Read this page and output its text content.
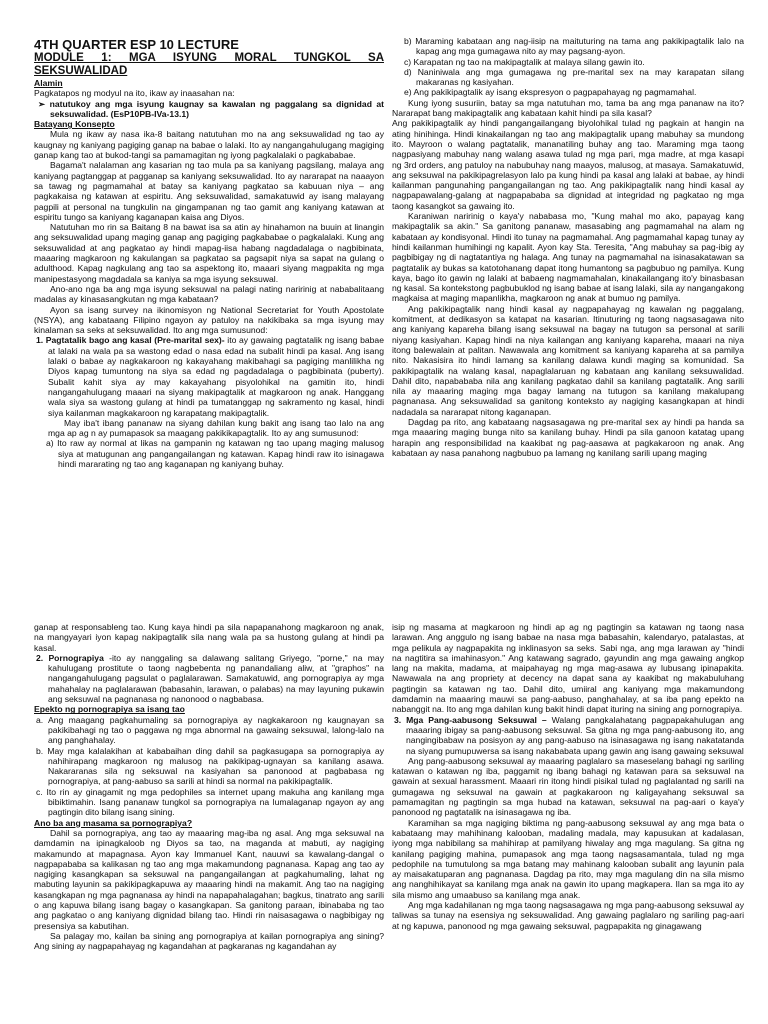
4TH QUARTER ESP 10 LECTURE
MODULE 1: MGA ISYUNG MORAL TUNGKOL SA SEKSUWALIDAD
Alamin

Pagkatapos ng modyul na ito, ikaw ay inaasahan na:

➢ natutukoy ang mga isyung kaugnay sa kawalan ng paggalang sa dignidad at seksuwalidad. (EsP10PB-IVa-13.1)

Batayang Konsepto

Mula ng ikaw ay nasa ika-8 baitang natutuhan mo na ang seksuwalidad ng tao ay kaugnay ng kaniyang pagiging ganap na babae o lalaki. Ito ay nangangahulugang magiging ganap kang tao at bukod-tangi sa pamamagitan ng iyong pagkalalaki o pagkababae.

Bagama't nalalaman ang kasarian ng tao mula pa sa kaniyang pagsilang, malaya ang kaniyang pagtanggap at pagganap sa kaniyang seksuwalidad. Ito ay nararapat na naaayon sa tawag ng pagmamahal at batay sa kaniyang pagkatao sa kabuuan niya – ang pagkakaisa ng katawan at espiritu. Ang seksuwalidad, samakatuwid ay isang malayang pagpili at personal na tungkulin na gingampanan ng tao gamit ang kaniyang katawan at espiritu tungo sa kaniyang kaganapan kaisa ang Diyos.

Natutuhan mo rin sa Baitang 8 na bawat isa sa atin ay hinahamon na buuin at linangin ang seksuwalidad upang maging ganap ang pagiging pagkababae o pagkalalaki. Kung ang seksuwalidad at ang pagkatao ay hindi mapag-iisa habang nagdadalaga o nagbibinata, maaaring magkaroon ng kakulangan sa pagkatao sa pagsapit niya sa sapat na gulang o adulthood. Kapag nagkulang ang tao sa aspektong ito, maaari siyang magpakita ng mga manipestasyong magdadala sa kaniya sa mga isyung seksuwal.

Ano-ano nga ba ang mga isyung seksuwal na palagi nating naririnig at nababalitaang madalas ay kinasasangkutan ng mga kabataan?

Ayon sa isang survey na ikinomisyon ng National Secretariat for Youth Apostolate (NSYA), ang kabataang Filipino ngayon ay patuloy na nakikibaka sa mga isyung may kinalaman sa seks at seksuwalidad. Ito ang mga sumusunod:

1. Pagtatalik bago ang kasal (Pre-marital sex)- ito ay gawaing pagtatalik ng isang babae at lalaki na wala pa sa wastong edad o nasa edad na subalit hindi pa kasal. Ang isang lalaki o babae ay nagkakaroon ng kakayahang makibahagi sa pagiging manlilikha ng Diyos kapag tumuntong na siya sa edad ng pagdadalaga o pagbibinata (puberty). Subalit kahit siya ay may kakayahang pisyolohikal na gamitin ito, hindi nangangahulugang maaari na siyang makipagtalik at magkaroon ng anak. Hanggang wala siya sa wastong gulang at hindi pa tumatanggap ng sakramento ng kasal, hindi siya kailanman magkakaroon ng karapatang makipagtalik.

May iba't ibang pananaw na siyang dahilan kung bakit ang isang tao lalo na ang mga ap ag n ay pumapasok sa maagang pakikikapagtalik. Ito ay ang sumusunod:

a) Ito raw ay normal at likas na gampanin ng katawan ng tao upang maging malusog siya at matugunan ang pangangailangan ng katawan. Kapag hindi raw ito isinagawa hindi mararating ng tao ang kaganapan ng kaniyang buhay.

b) Maraming kabataan ang nag-iisip na maituturing na tama ang pakikipagtalik lalo na kapag ang mga gumagawa nito ay may pagsang-ayon.

c) Karapatan ng tao na makipagtalik at malaya silang gawin ito.

d) Naniniwala ang mga gumagawa ng pre-marital sex na may karapatan silang makaranas ng kasiyahan.

e) Ang pakikipagtalik ay isang ekspresyon o pagpapahayag ng pagmamahal.

Kung iyong susuriin, batay sa mga natutuhan mo, tama ba ang mga pananaw na ito? Nararapat bang makipagtalik ang kabataan kahit hindi pa sila kasal?

Ang pakikipagtalik ay hindi pangangailangang biyolohikal tulad ng pagkain at hangin na ating hinihinga. Hindi kinakailangan ng tao ang makipagtalik upang mabuhay sa mundong ito. Mayroon o walang pagtatalik, mananatiling buhay ang tao. Maraming mga taong nagpasiyang mabuhay nang walang asawa tulad ng mga pari, mga madre, at mga kasapi ng 3rd orders, ang patuloy na nabubuhay nang maayos, malusog, at masaya. Samakatuwid, ang seksuwal na pakikipagrelasyon lalo pa kung hindi pa kasal ang lalaki at babae, ay hindi kailanman pangunahing pangangailangan ng tao. Ang pakikipagtalik nang hindi kasal ay nagpapawalang-galang at nagpapababa sa dignidad at integridad ng pagkatao ng mga taong kasangkot sa gawaing ito.

Karaniwan naririnig o kaya'y nababasa mo, "Kung mahal mo ako, papayag kang makipagtalik sa akin." Sa ganitong pananaw, masasabing ang pagmamahal na alam ng kabataan ay kondisyonal. Hindi ito tunay na pagmamahal. Ang pagmamahal kapag tunay ay hindi kailanman humihingi ng kapalit. Ayon kay Sta. Teresita, "Ang mabuhay sa pag-ibig ay pagbibigay ng di nagtatantiya ng halaga. Ang tunay na pagmamahal na isinasakatawan sa pagtatalik ay bukas sa katotohanang dapat itong humantong sa pagbubuo ng pamilya. Kung kaya, bago ito gawin ng lalaki at babaeng nagmamahalan, kinakailangang ito'y binasbasan ng kasal. Sa kontekstong pagbubuklod ng isang babae at isang lalaki, sila ay nangangakong magkaisa at maging mapanlikha, magkaroon ng anak at bumuo ng pamilya.

Ang pakikipagtalik nang hindi kasal ay nagpapahayag ng kawalan ng paggalang, komitment, at dedikasyon sa katapat na kasarian. Itinuturing ng taong nagsasagawa nito ang kaniyang kapareha bilang isang seksuwal na bagay na tutugon sa personal at sarili niyang kasiyahan. Kapag hindi na niya kailangan ang kaniyang kapareha, maaari na niya itong balewalain at palitan. Nawawala ang komitment sa kaniyang kapareha at sa pamilya nito. Nakasisira ito hindi lamang sa kanilang dalawa kundi maging sa komunidad. Sa pakikipagtalik na walang kasal, napaglalaruan ng kabataan ang kanilang seksuwalidad. Dahil dito, napabababa nila ang kanilang pagkatao dahil sa kanilang pagtatalik. Ang sarili nila ay maaaring maging mga bagay lamang na tutugon sa kanilang makalupang pagnanasa. Ang seksuwalidad sa ganitong konteksto ay nagiging kasangkapan at hindi nadadala sa nararapat nitong kaganapan.

Dagdag pa rito, ang kabataang nagsasagawa ng pre-marital sex ay hindi pa handa sa mga maaaring maging bunga nito sa kanilang buhay. Hindi pa sila ganoon katatag upang harapin ang responsibilidad na kaakibat ng pag-aasawa at pagkakaroon ng anak. Ang kabataan ay nasa panahong nagbubuo pa lamang ng kanilang sarili upang maging

ganap at responsableng tao. Kung kaya hindi pa sila napapanahong magkaroon ng anak, na mangyayari iyon kapag nakipagtalik sila nang wala pa sa hustong gulang at hindi pa kasal.

2. Pornograpiya -ito ay nanggaling sa dalawang salitang Griyego, "porne," na may kahulugang prostitute o taong nagbebenta ng panandaliang aliw, at "graphos" na nangangahulugang pagsulat o paglalarawan. Samakatuwid, ang pornograpiya ay mga mahahalay na paglalarawan (babasahin, larawan, o palabas) na may layuning pukawin ang seksuwal na pagnanasa ng nanonood o nagbabasa.

Epekto ng pornograpiya sa isang tao

a. Ang maagang pagkahumaling sa pornograpiya ay nagkakaroon ng kaugnayan sa pakikibahagi ng tao o paggawa ng mga abnormal na gawaing seksuwal, lalong-lalo na ang panghahalay.

b. May mga kalalakihan at kababaihan ding dahil sa pagkasugapa sa pornograpiya ay nahihirapang magkaroon ng malusog na pakikipag-ugnayan sa kanilang asawa. Nakararanas sila ng seksuwal na kasiyahan sa panonood at pagbabasa ng pornograpiya, at pang-aabuso sa sarili at hindi sa normal na pakikipagtalik.

c. Ito rin ay ginagamit ng mga pedophiles sa internet upang makuha ang kanilang mga bibiktimahin. Isang pananaw tungkol sa pornograpiya na lumalaganap ngayon ay ang pagtingin dito bilang isang sining.

Ano ba ang masama sa pornograpiya?

Dahil sa pornograpiya, ang tao ay maaaring mag-iba ng asal. Ang mga seksuwal na damdamin na ipinagkaloob ng Diyos sa tao, na maganda at mabuti, ay nagiging makamundo at mapagnasa. Ayon kay Immanuel Kant, nauuwi sa kawalang-dangal o nagpapababa sa kalikasan ng tao ang mga makamundong pagnanasa. Kapag ang tao ay nagiging kasangkapan sa seksuwal na pangangailangan at pagkahumaling, lahat ng mabuting layunin sa pakikipagkapuwa ay maaaring hindi na makamit. Ang tao na nagiging kasangkapan ng mga pagnanasa ay hindi na napapahalagahan; bagkus, tinatrato ang sarili o ang kapuwa bilang isang bagay o kasangkapan. Sa ganitong paraan, ibinababa ng tao ang pagkatao o ang kaniyang dignidad bilang tao. Hindi rin naisasagawa o nagbibigay ng presensiya sa kabutihan.

Sa palagay mo, kailan ba sining ang pornograpiya at kailan pornograpiya ang sining? Ang sining ay nagpapahayag ng kagandahan at pagkaranas ng kagandahan ay

isip ng masama at magkaroon ng hindi ap ag ng pagtingin sa katawan ng taong nasa larawan. Ang anggulo ng isang babae na nasa mga babasahin, kalendaryo, patalastas, at mga pelikula ay nagpapakita ng inklinasyon sa seks. Sabi nga, ang mga larawan ay "hindi na nagtitira sa imahinasyon." Ang katawang sagrado, gayundin ang mga gawaing angkop lang na makita, madama, at maipahayag ng mga mag-asawa ay lubusang ipinapakita. Nawawala na ang propriety at decency na dapat sana ay kaakibat ng makabuluhang pagtingin sa katawan ng tao. Dahil dito, umiiral ang kaniyang mga makamundong damdamin na maaaring mauwi sa pang-aabuso, panghahalay, at sa iba pang epekto na nabanggit na. Ito ang mga dahilan kung bakit hindi dapat ituring na sining ang pornograpiya.

3. Mga Pang-aabusong Seksuwal – Walang pangkalahatang pagpapakahulugan ang maaaring ibigay sa pang-aabusong seksuwal. Sa gitna ng mga pang-aabusong ito, ang nangingibabaw na posisyon ay ang pang-aabuso na isinasagawa ng isang nakatatanda na siyang pumupuwersa sa isang nakababata upang gawin ang isang gawaing seksuwal

Ang pang-aabusong seksuwal ay maaaring paglalaro sa maseselang bahagi ng sariling katawan o katawan ng iba, paggamit ng ibang bahagi ng katawan para sa seksuwal na gawain at sexual harassment. Maaari rin itong hindi pisikal tulad ng paglalantad ng sarili na gumagawa ng seksuwal na gawain at pagkakaroon ng kaligayahang seksuwal sa pamamagitan ng pagtingin sa mga hubad na katawan, seksuwal na pag-aari o kaya'y panonood ng pagtatalik na isinasagawa ng iba.

Karamihan sa mga nagiging biktima ng pang-aabusong seksuwal ay ang mga bata o kabataang may mahihinang kalooban, madaling madala, may kapusukan at kadalasan, iyong mga nabibilang sa mahihirap at pamilyang hiwalay ang mga magulang. Sa gitna ng kanilang pagiging mahina, pumapasok ang mga taong nagsasamantala, tulad ng mga pedophile na tumutulong sa mga batang may mahinang kalooban subalit ang layunin pala ay maisakatuparan ang pagnanasa. Dagdag pa rito, may mga magulang din na sila mismo ang nanghihikayat sa kanilang mga anak na gawin ito upang magkapera. Ilan sa mga ito ay sila mismo ang umaabuso sa kanilang mga anak.

Ang mga kadahilanan ng mga taong nagsasagawa ng mga pang-aabusong seksuwal ay taliwas sa tunay na esensiya ng seksuwalidad. Ang gawaing paglalaro ng sariling pag-aari at ng kapuwa, panonood ng mga gawaing seksuwal, pagpapakita ng ginagawang
